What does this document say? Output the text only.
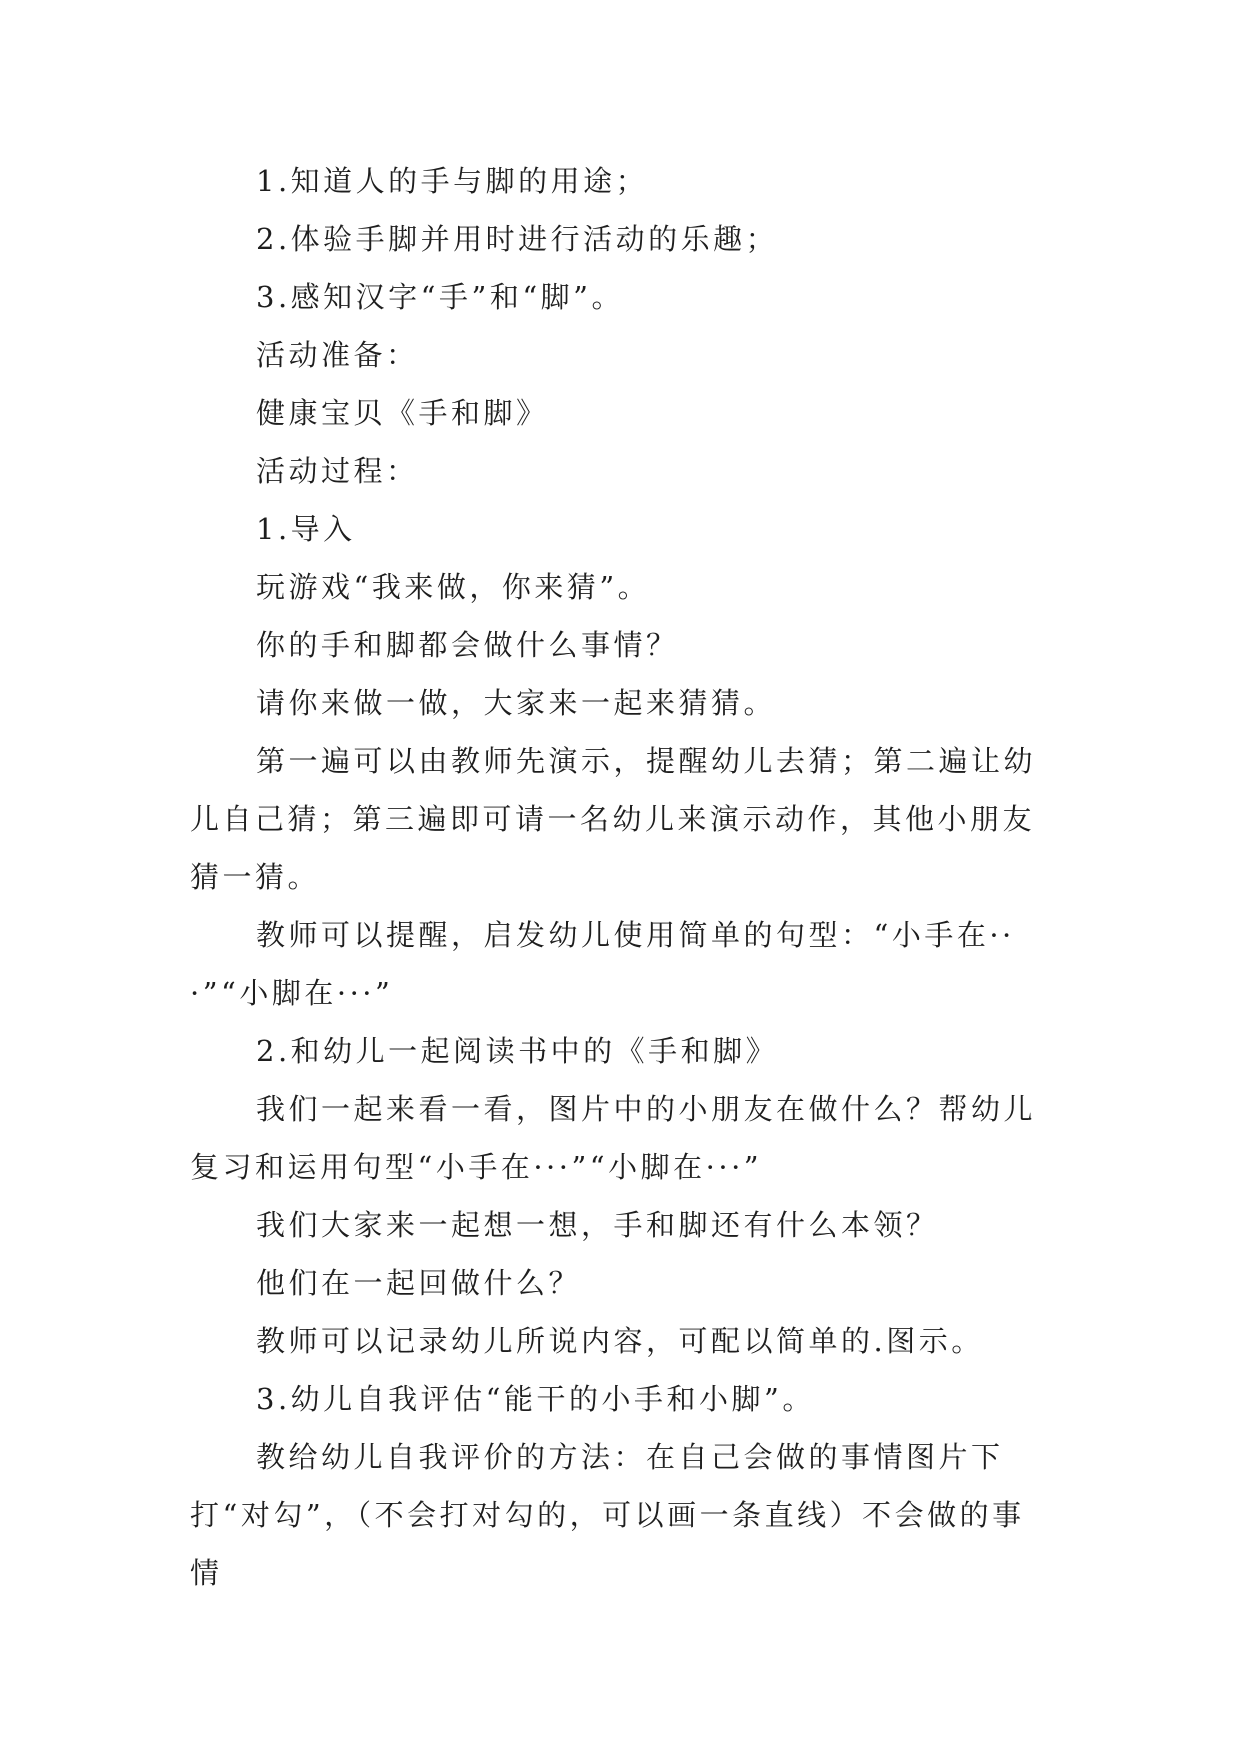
1.知道人的手与脚的用途；

2.体验手脚并用时进行活动的乐趣；

3.感知汉字“手”和“脚”。

活动准备：

健康宝贝《手和脚》

活动过程：

1.导入

玩游戏“我来做，你来猜”。

你的手和脚都会做什么事情？

请你来做一做，大家来一起来猜猜。

第一遍可以由教师先演示，提醒幼儿去猜；第二遍让幼儿自己猜；第三遍即可请一名幼儿来演示动作，其他小朋友猜一猜。

教师可以提醒，启发幼儿使用简单的句型：“小手在···”“小脚在···”

2.和幼儿一起阅读书中的《手和脚》

我们一起来看一看，图片中的小朋友在做什么？帮幼儿复习和运用句型“小手在···”“小脚在···”

我们大家来一起想一想，手和脚还有什么本领？

他们在一起回做什么？

教师可以记录幼儿所说内容，可配以简单的.图示。

3.幼儿自我评估“能干的小手和小脚”。

教给幼儿自我评价的方法：在自己会做的事情图片下打“对勾”，（不会打对勾的，可以画一条直线）不会做的事情
